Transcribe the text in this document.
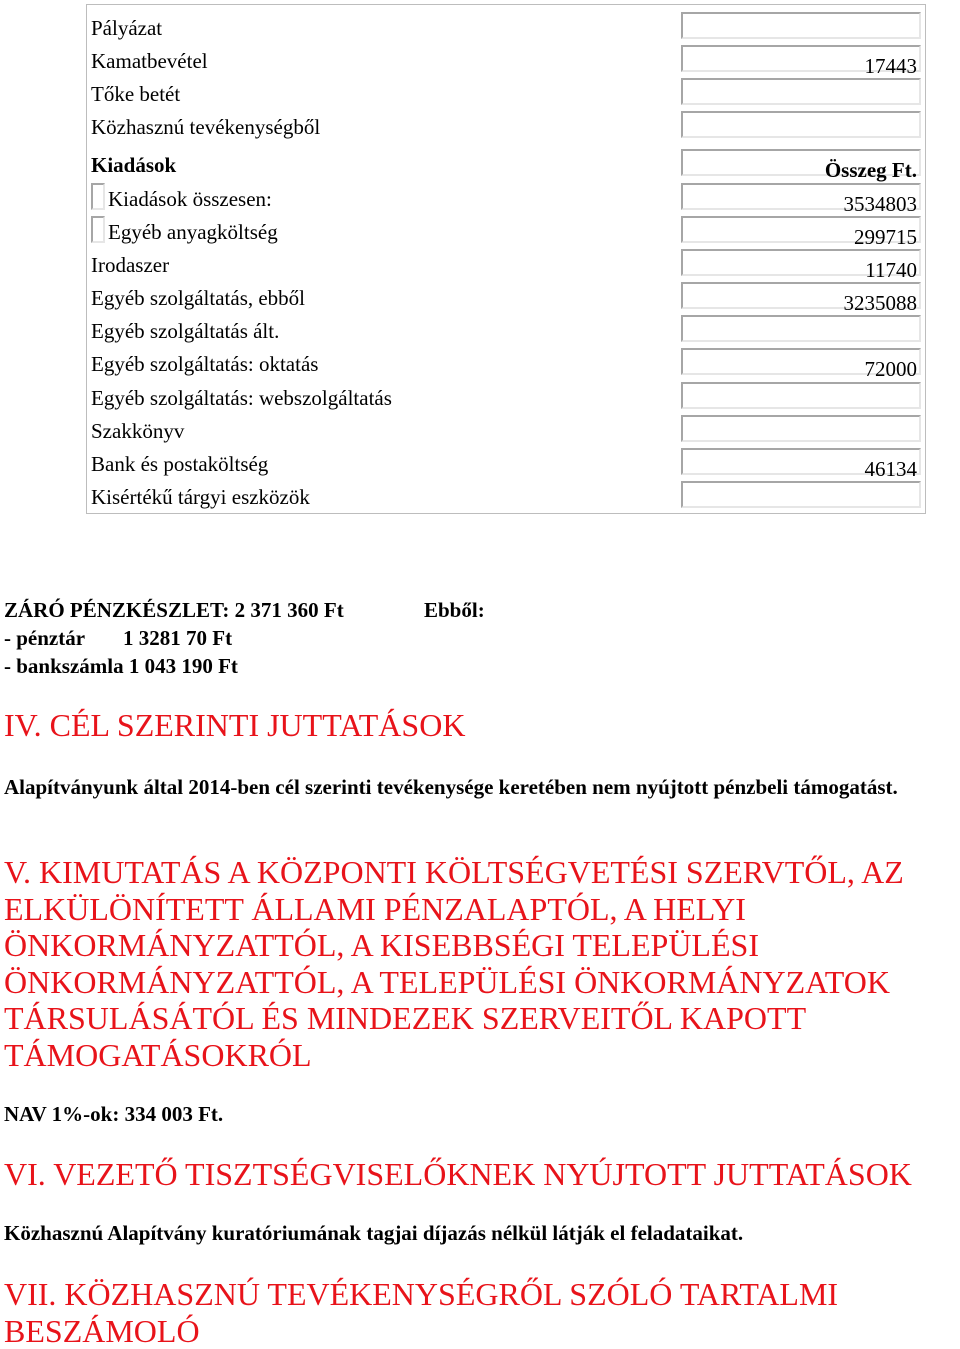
Pályázat
Kamatbevétel	17443
Tőke betét
Közhasznú tevékenységből
Kiadások	Összeg Ft.
Kiadások összesen:	3534803
Egyéb anyagköltség	299715
Irodaszer	11740
Egyéb szolgáltatás, ebből	3235088
Egyéb szolgáltatás ált.
Egyéb szolgáltatás: oktatás	72000
Egyéb szolgáltatás: webszolgáltatás
Szakkönyv
Bank és postaköltség	46134
Kisértékű tárgyi eszközök
ZÁRÓ PÉNZKÉSZLET: 2 371 360 Ft	Ebből:
- pénztár 1 3281 70 Ft
- bankszámla 1 043 190 Ft
IV. CÉL SZERINTI JUTTATÁSOK
Alapítványunk által 2014-ben cél szerinti tevékenysége keretében nem nyújtott pénzbeli támogatást.
V. KIMUTATÁS A KÖZPONTI KÖLTSÉGVETÉSI SZERVTŐL, AZ
ELKÜLÖNÍTETT ÁLLAMI PÉNZALAPTÓL, A HELYI
ÖNKORMÁNYZATTÓL, A KISEBBSÉGI TELEPÜLÉSI
ÖNKORMÁNYZATTÓL, A TELEPÜLÉSI ÖNKORMÁNYZATOK
TÁRSULÁSÁTÓL ÉS MINDEZEK SZERVEITŐL KAPOTT
TÁMOGATÁSOKRÓL
NAV 1%-ok: 334 003 Ft.
VI. VEZETŐ TISZTSÉGVISELŐKNEK NYÚJTOTT JUTTATÁSOK
Közhasznú Alapítvány kuratóriumának tagjai díjazás nélkül látják el feladataikat.
VII. KÖZHASZNÚ TEVÉKENYSÉGRŐL SZÓLÓ TARTALMI
BESZÁMOLÓ
